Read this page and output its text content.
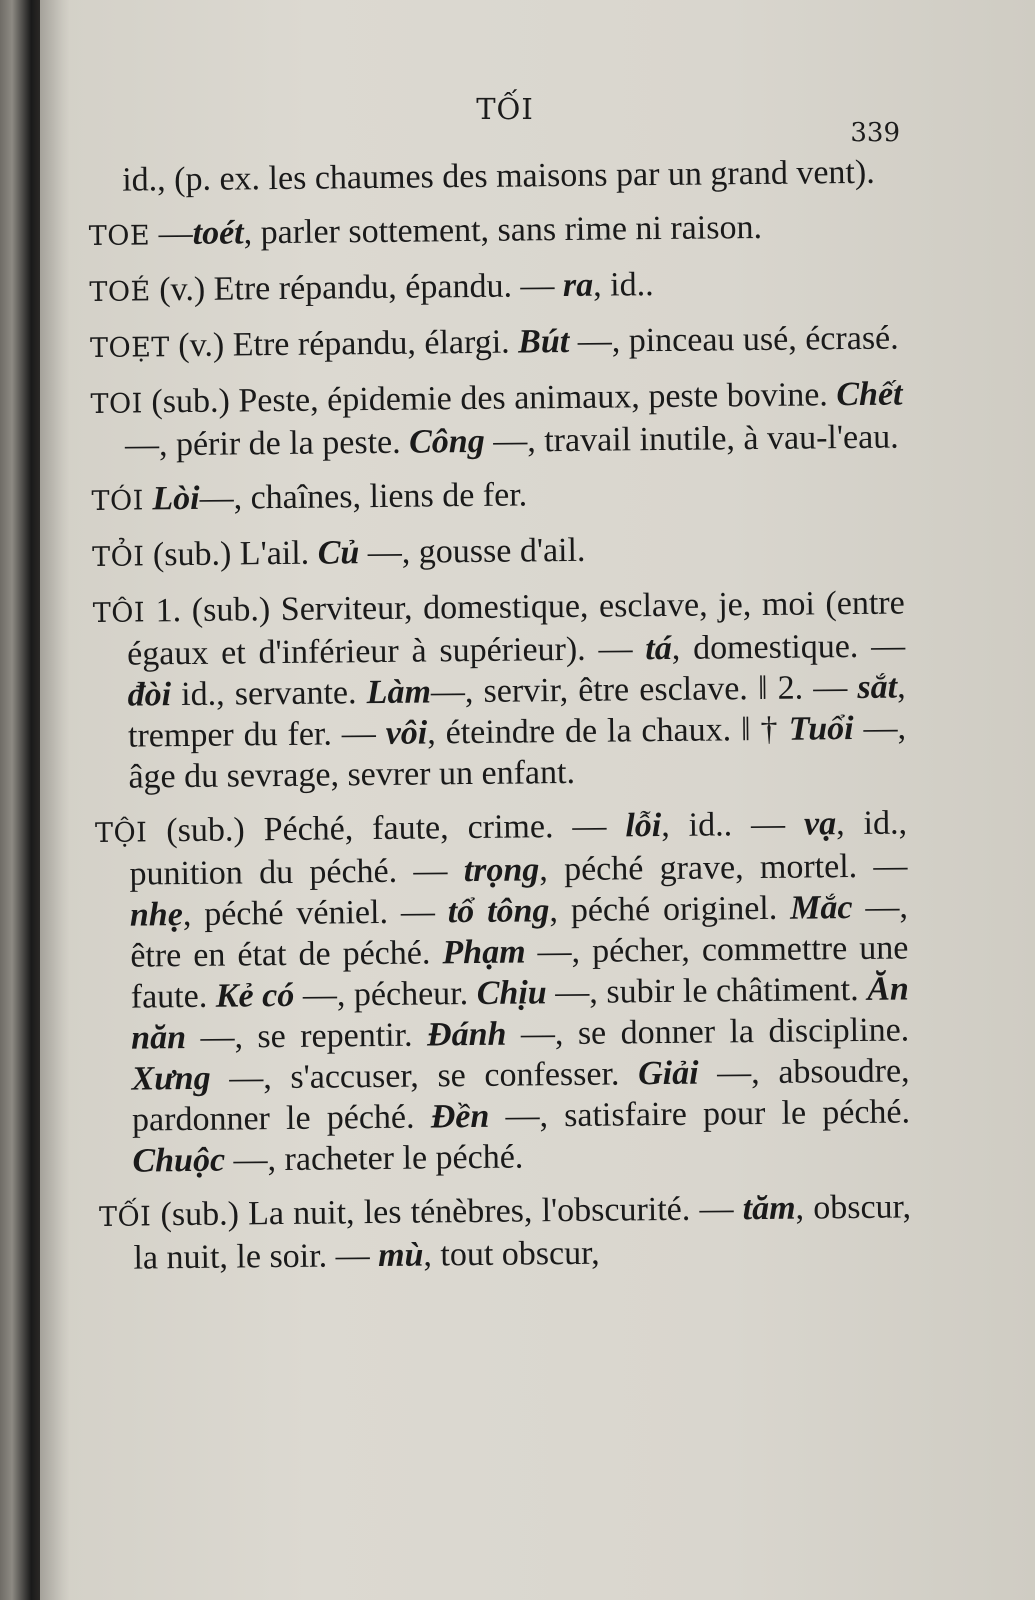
TỐI
339

id., (p. ex. les chaumes des maisons par un grand vent).

TOE —toét, parler sottement, sans rime ni raison.

TOÉ (v.) Etre répandu, épandu. — ra, id..

TOẸT (v.) Etre répandu, élargi. Bút —, pinceau usé, écrasé.

TOI (sub.) Peste, épidemie des animaux, peste bovine. Chết —, périr de la peste. Công —, travail inutile, à vau-l'eau.

TÓI Lòi—, chaînes, liens de fer.

TỎI (sub.) L'ail. Củ —, gousse d'ail.

TÔI 1. (sub.) Serviteur, domestique, esclave, je, moi (entre égaux et d'inférieur à supérieur). — tá, domestique. — đòi id., servante. Làm—, servir, être esclave. ‖ 2. — sắt, tremper du fer. — vôi, éteindre de la chaux. ‖ † Tuổi —, âge du sevrage, sevrer un enfant.

TỘI (sub.) Péché, faute, crime. — lỗi, id.. — vạ, id., punition du péché. — trọng, péché grave, mortel. — nhẹ, péché véniel. — tổ tông, péché originel. Mắc —, être en état de péché. Phạm —, pécher, commettre une faute. Kẻ có —, pécheur. Chịu —, subir le châtiment. Ăn năn —, se repentir. Đánh —, se donner la discipline. Xưng —, s'accuser, se confesser. Giải —, absoudre, pardonner le péché. Đền —, satisfaire pour le péché. Chuộc —, racheter le péché.

TỐI (sub.) La nuit, les ténèbres, l'obscurité. — tăm, obscur, la nuit, le soir. — mù, tout obscur,
